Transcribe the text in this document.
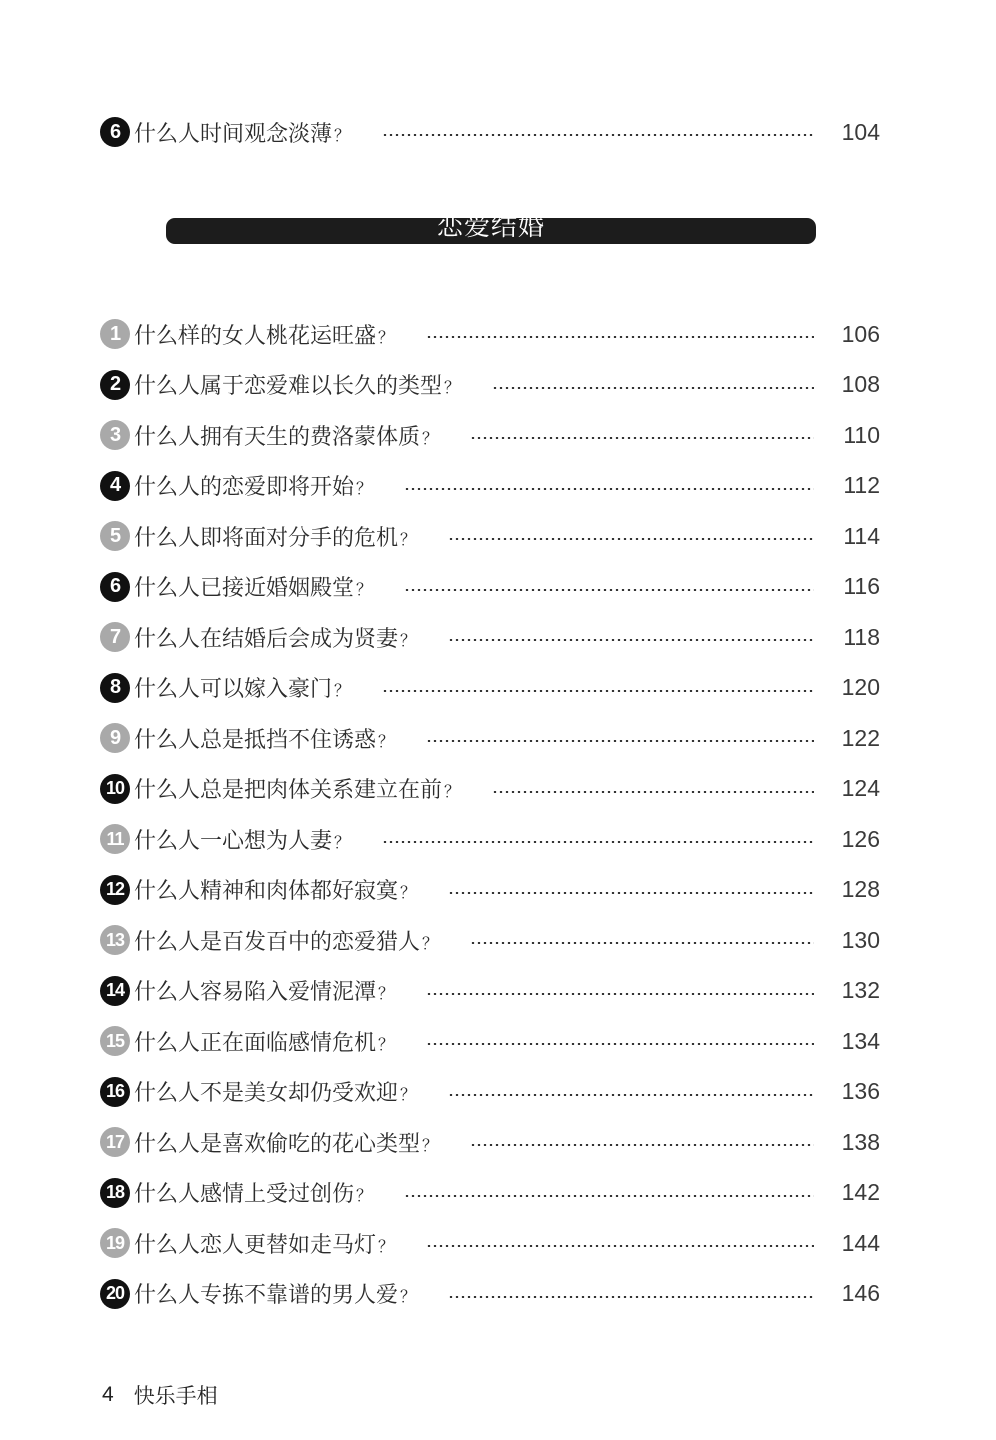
6 什么人时间观念淡薄 ？	104
恋爱结婚
1 什么样的女人桃花运旺盛 ？	106
2 什么人属于恋爱难以长久的类型 ？	108
3 什么人拥有天生的费洛蒙体质 ？	110
4 什么人的恋爱即将开始 ？	112
5 什么人即将面对分手的危机 ？	114
6 什么人已接近婚姻殿堂 ？	116
7 什么人在结婚后会成为贤妻 ？	118
8 什么人可以嫁入豪门 ？	120
9 什么人总是抵挡不住诱惑 ？	122
10 什么人总是把肉体关系建立在前 ？	124
11 什么人一心想为人妻 ？	126
12 什么人精神和肉体都好寂寞 ？	128
13 什么人是百发百中的恋爱猎人 ？	130
14 什么人容易陷入爱情泥潭 ？	132
15 什么人正在面临感情危机 ？	134
16 什么人不是美女却仍受欢迎 ？	136
17 什么人是喜欢偷吃的花心类型 ？	138
18 什么人感情上受过创伤 ？	142
19 什么人恋人更替如走马灯 ？	144
20 什么人专拣不靠谱的男人爱 ？	146
4 快乐手相
